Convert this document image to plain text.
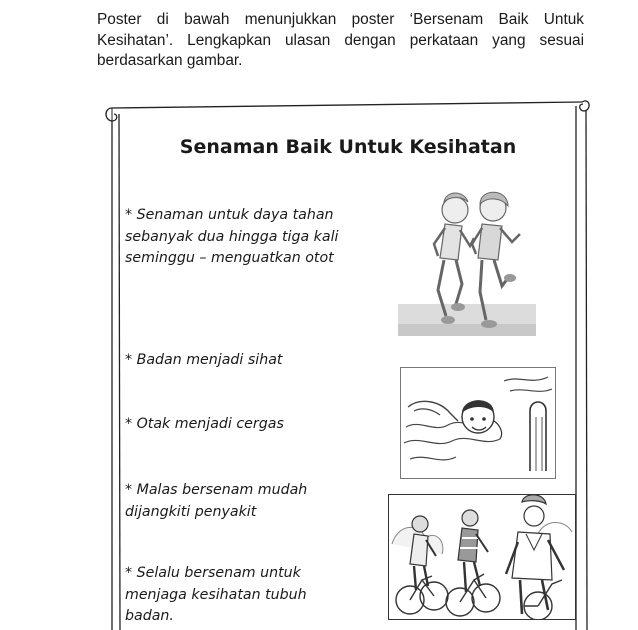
Poster di bawah menunjukkan poster ‘Bersenam Baik Untuk Kesihatan’. Lengkapkan ulasan dengan perkataan yang sesuai berdasarkan gambar.
Senaman Baik Untuk Kesihatan
* Senaman untuk daya tahan sebanyak dua hingga tiga kali seminggu – menguatkan otot
* Badan menjadi sihat
* Otak menjadi cergas
* Malas bersenam mudah dijangkiti penyakit
* Selalu bersenam untuk menjaga kesihatan tubuh badan.
